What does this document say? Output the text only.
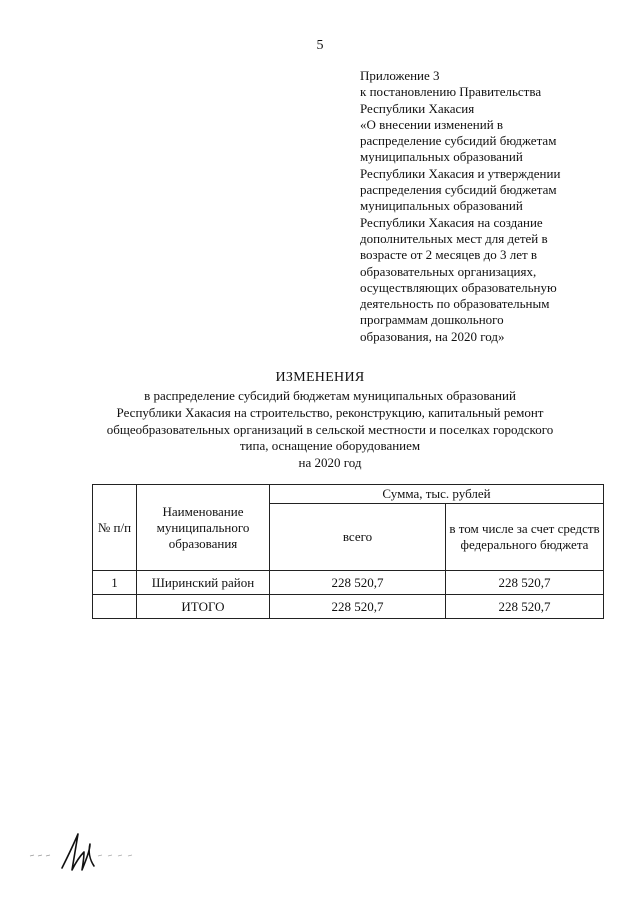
5
Приложение 3
к постановлению Правительства
Республики Хакасия
«О внесении изменений в
распределение субсидий бюджетам
муниципальных образований
Республики Хакасия и утверждении
распределения субсидий бюджетам
муниципальных образований
Республики Хакасия на создание
дополнительных мест для детей в
возрасте от 2 месяцев до 3 лет в
образовательных организациях,
осуществляющих образовательную
деятельность по образовательным
программам дошкольного
образования, на 2020 год»
ИЗМЕНЕНИЯ
в распределение субсидий бюджетам муниципальных образований
Республики Хакасия на строительство, реконструкцию, капитальный ремонт
общеобразовательных организаций в сельской местности и поселках городского
типа, оснащение оборудованием
на 2020 год
№ п/п	Наименование муниципального образования	Сумма, тыс. рублей	
		всего	в том числе за счет средств федерального бюджета
1	Ширинский район	228 520,7	228 520,7
	ИТОГО	228 520,7	228 520,7
